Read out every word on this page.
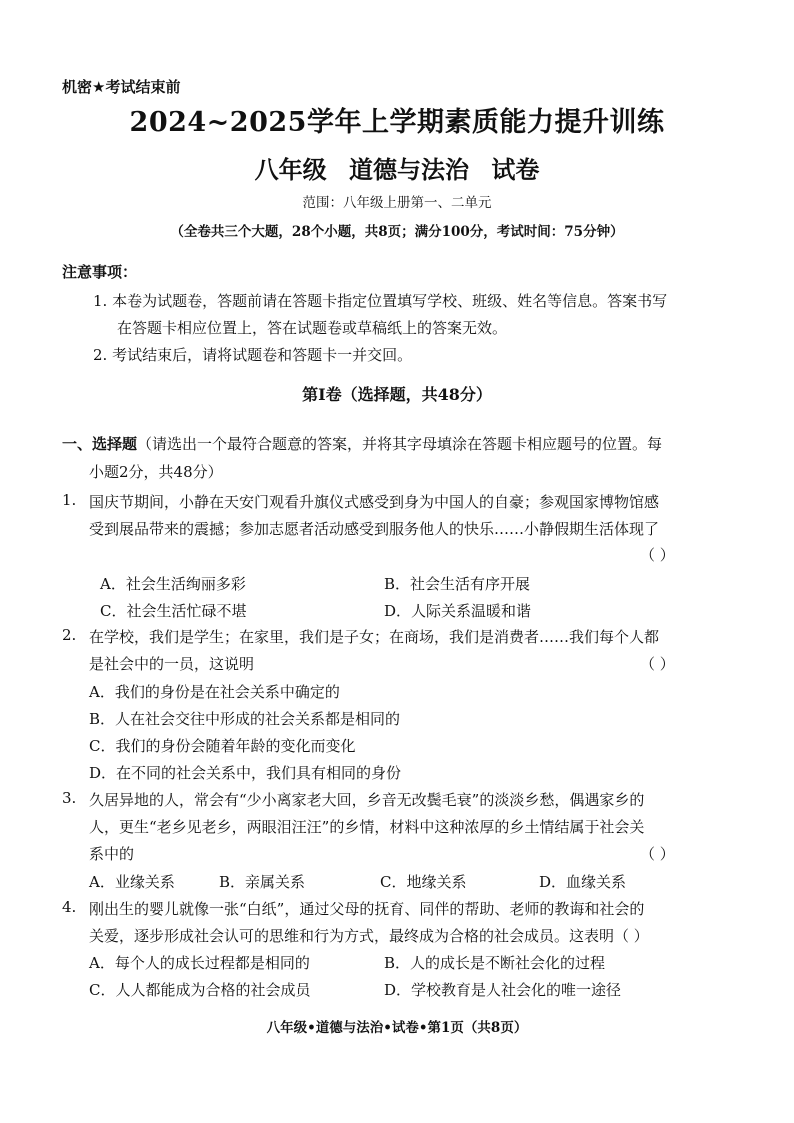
机密★考试结束前
2024~2025学年上学期素质能力提升训练
八年级 道德与法治 试卷
范围：八年级上册第一、二单元
（全卷共三个大题，28个小题，共8页；满分100分，考试时间：75分钟）
注意事项：
1. 本卷为试题卷，答题前请在答题卡指定位置填写学校、班级、姓名等信息。答案书写
在答题卡相应位置上，答在试题卷或草稿纸上的答案无效。
2. 考试结束后，请将试题卷和答题卡一并交回。
第Ⅰ卷（选择题，共48分）
一、选择题（请选出一个最符合题意的答案，并将其字母填涂在答题卡相应题号的位置。每
小题2分，共48分）
1. 国庆节期间，小静在天安门观看升旗仪式感受到身为中国人的自豪；参观国家博物馆感
受到展品带来的震撼；参加志愿者活动感受到服务他人的快乐……小静假期生活体现了
（ ）
A．社会生活绚丽多彩	B．社会生活有序开展
C．社会生活忙碌不堪	D．人际关系温暖和谐
2. 在学校，我们是学生；在家里，我们是子女；在商场，我们是消费者……我们每个人都
是社会中的一员，这说明	（ ）
A．我们的身份是在社会关系中确定的
B．人在社会交往中形成的社会关系都是相同的
C．我们的身份会随着年龄的变化而变化
D．在不同的社会关系中，我们具有相同的身份
3. 久居异地的人，常会有“少小离家老大回，乡音无改鬓毛衰”的淡淡乡愁，偶遇家乡的
人，更生“老乡见老乡，两眼泪汪汪”的乡情，材料中这种浓厚的乡土情结属于社会关
系中的	（ ）
A．业缘关系	B．亲属关系	C．地缘关系	D．血缘关系
4. 刚出生的婴儿就像一张“白纸”，通过父母的抚育、同伴的帮助、老师的教诲和社会的
关爱，逐步形成社会认可的思维和行为方式，最终成为合格的社会成员。这表明（ ）
A．每个人的成长过程都是相同的	B．人的成长是不断社会化的过程
C．人人都能成为合格的社会成员	D．学校教育是人社会化的唯一途径
八年级•道德与法治•试卷•第1页（共8页）
